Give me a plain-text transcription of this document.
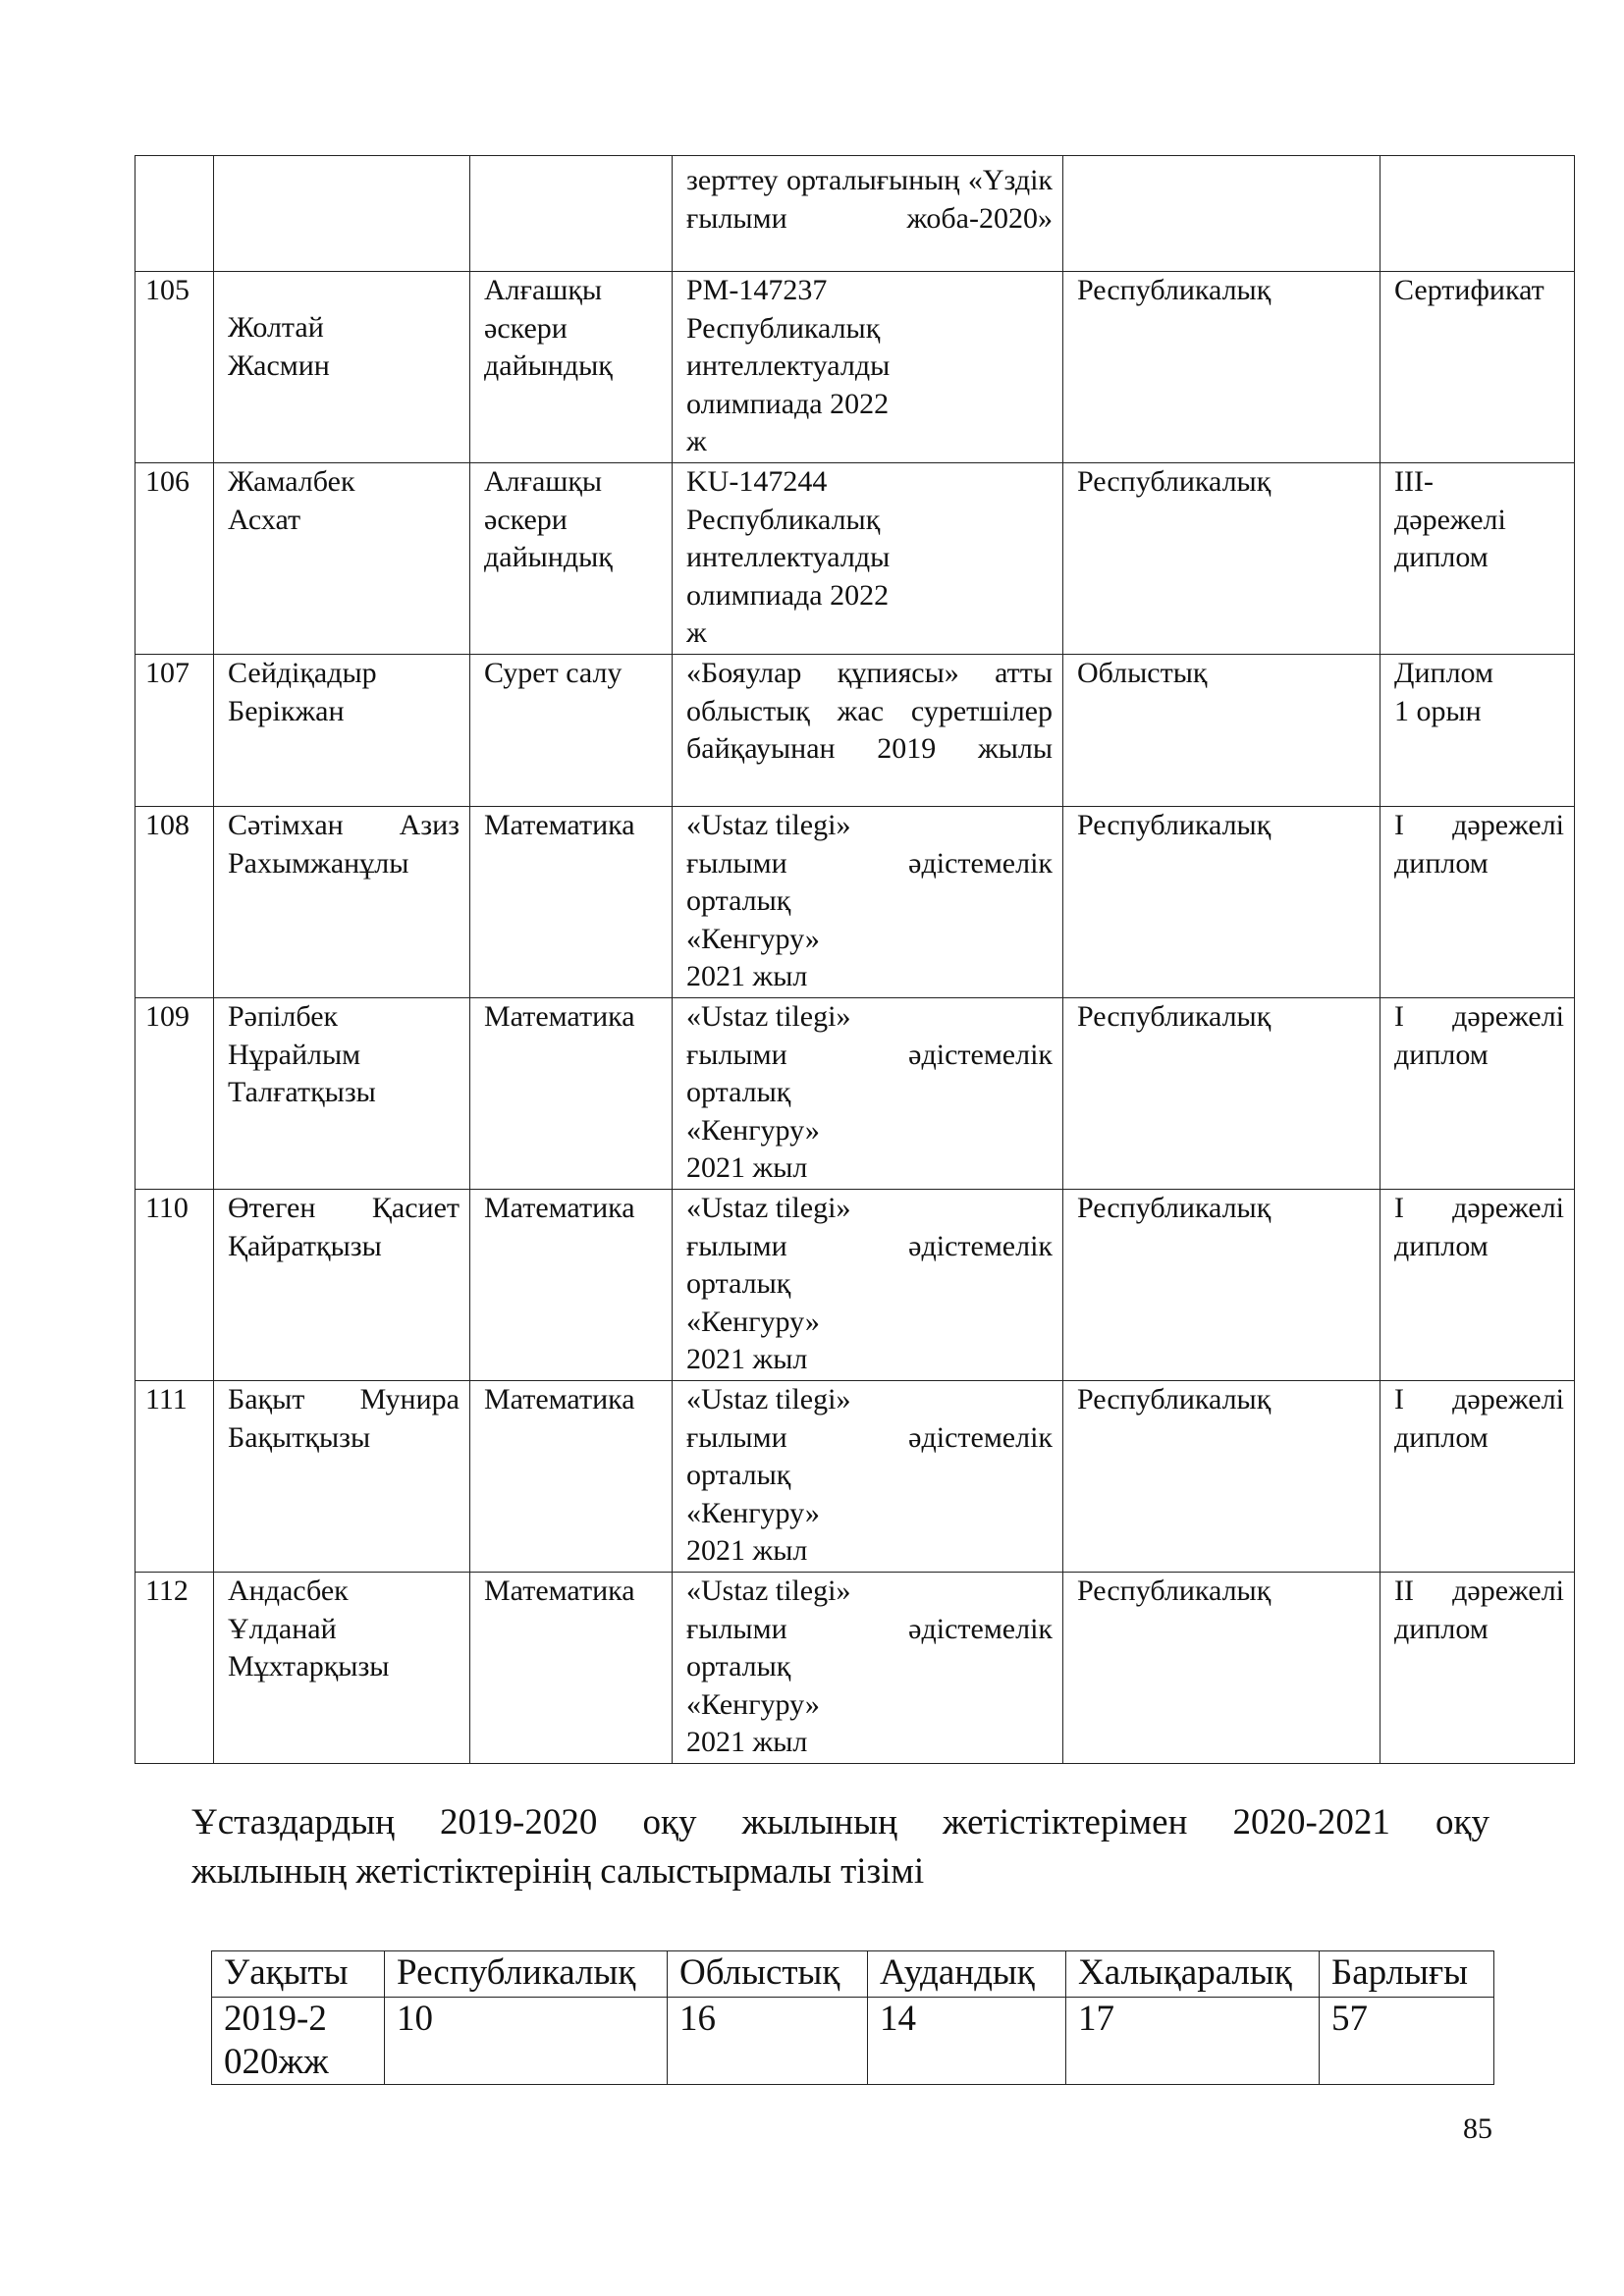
			зерттеу орталығының «Үздік ғылыми жоба-2020»		
105	Жолтай Жасмин	Алғашқы әскери дайындық	РМ-147237 Республикалық интеллектуалды олимпиада 2022 ж	Республикалық	Сертификат
106	Жамалбек Асхат	Алғашқы әскери дайындық	KU-147244 Республикалық интеллектуалды олимпиада 2022 ж	Республикалық	III-дәрежелі диплом
107	Сейдіқадыр Берікжан	Сурет салу	«Бояулар құпиясы» атты облыстық жас суретшілер байқауынан 2019 жылы	Облыстық	Диплом 1 орын
108	Сәтімхан Азиз Рахымжанұлы	Математика	«Ustaz tilegi»
ғылыми әдістемелік
орталық
«Кенгуру»
2021 жыл	Республикалық	I дәрежелі диплом
109	Рәпілбек Нұрайлым Талғатқызы	Математика	«Ustaz tilegi»
ғылыми әдістемелік
орталық
«Кенгуру»
2021 жыл	Республикалық	I дәрежелі диплом
110	Өтеген Қасиет Қайратқызы	Математика	«Ustaz tilegi»
ғылыми әдістемелік
орталық
«Кенгуру»
2021 жыл	Республикалық	I дәрежелі диплом
111	Бақыт Мунира Бақытқызы	Математика	«Ustaz tilegi»
ғылыми әдістемелік
орталық
«Кенгуру»
2021 жыл	Республикалық	I дәрежелі диплом
112	Андасбек Ұлданай Мұхтарқызы	Математика	«Ustaz tilegi»
ғылыми әдістемелік
орталық
«Кенгуру»
2021 жыл	Республикалық	II дәрежелі диплом
Ұстаздардың 2019-2020 оқу жылының жетістіктерімен 2020-2021 оқу
жылының жетістіктерінің салыстырмалы тізімі
Уақыты	Республикалық	Облыстық	Аудандық	Халықаралық	Барлығы
2019-2020жж	10	16	14	17	57
85
